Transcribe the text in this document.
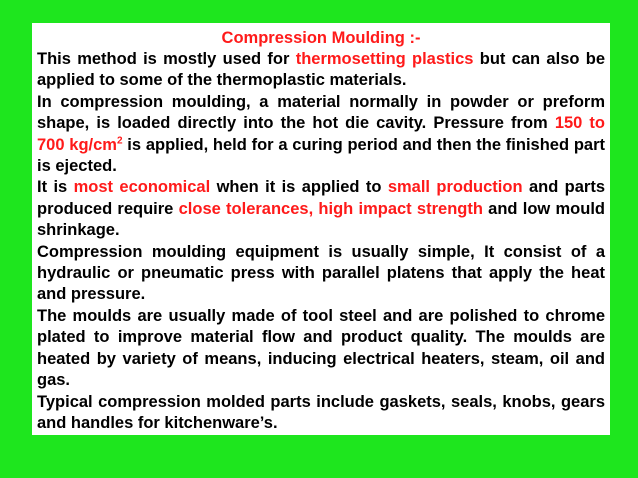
Compression Moulding :-

This method is mostly used for thermosetting plastics but can also be applied to some of the thermoplastic materials.

In compression moulding, a material normally in powder or preform shape, is loaded directly into the hot die cavity. Pressure from 150 to 700 $kg/cm^2$ is applied, held for a curing period and then the finished part is ejected.

It is most economical when it is applied to small production and parts produced require close tolerances, high impact strength and low mould shrinkage.

Compression moulding equipment is usually simple, It consist of a hydraulic or pneumatic press with parallel platens that apply the heat and pressure.

The moulds are usually made of tool steel and are polished to chrome plated to improve material flow and product quality. The moulds are heated by variety of means, inducing electrical heaters, steam, oil and gas.

Typical compression molded parts include gaskets, seals, knobs, gears and handles for kitchenware’s.
